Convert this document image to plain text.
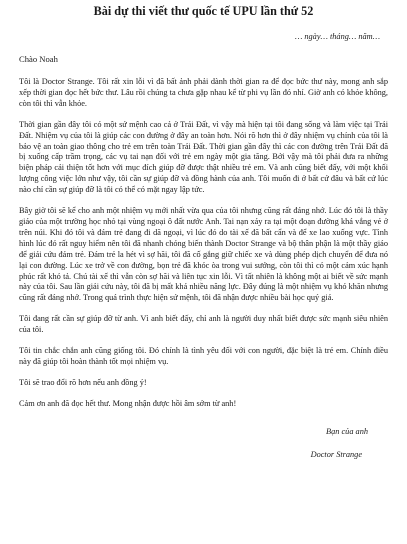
Bài dự thi viết thư quốc tế UPU lần thứ 52

… ngày… tháng… năm…

Chào Noah

Tôi là Doctor Strange. Tôi rất xin lỗi vì đã bất ảnh phải dành thời gian ra để đọc bức thư này, mong anh sắp xếp thời gian đọc hết bức thư. Lâu rồi chúng ta chưa gặp nhau kể từ phi vụ lần đó nhỉ. Giờ anh có khỏe không, còn tôi thì vẫn khỏe.

Thời gian gần đây tôi có một sứ mệnh cao cả ở Trái Đất, vì vậy mà hiện tại tôi đang sống và làm việc tại Trái Đất. Nhiệm vụ của tôi là giúp các con đường ở đây an toàn hơn. Nói rõ hơn thì ở đây nhiệm vụ chính của tôi là bảo vệ an toàn giao thông cho trẻ em trên toàn Trái Đất. Thời gian gần đây thì các con đường trên Trái Đất đã bị xuống cấp trầm trọng, các vụ tai nạn đối với trẻ em ngày một gia tăng. Bởi vậy mà tôi phải đưa ra những biện pháp cải thiện tốt hơn với mục đích giúp đỡ được thật nhiều trẻ em. Và anh cũng biết đấy, với một khối lượng công việc lớn như vậy, tôi cần sự giúp đỡ và đồng hành của anh. Tôi muốn đi ở bất cứ đâu và bất cứ lúc nào chỉ cần sự giúp đỡ là tôi có thể có mặt ngay lập tức.

Bây giờ tôi sẽ kể cho anh một nhiệm vụ mới nhất vừa qua của tôi nhưng cũng rất đáng nhớ. Lúc đó tôi là thầy giáo của một trường học nhỏ tại vùng ngoại ô đất nước Anh. Tai nạn xảy ra tại một đoạn đường khá vắng vẻ ở trên núi. Khi đó tôi và đám trẻ đang đi dã ngoại, vì lúc đó do tài xế đã bất cẩn và để xe lao xuống vực. Tình hình lúc đó rất nguy hiểm nên tôi đã nhanh chóng biến thành Doctor Strange và bộ thân phận là một thầy giáo để giải cứu đám trẻ. Đám trẻ la hét vì sợ hãi, tôi đã cố gắng giữ chiếc xe và dùng phép dịch chuyển để đưa nó lại con đường. Lúc xe trở về con đường, bọn trẻ đã khóc òa trong vui sướng, còn tôi thì có một cảm xúc hạnh phúc rất khó tả. Chú tài xế thì vẫn còn sợ hãi và liên tục xin lỗi. Vì tất nhiên là không một ai biết về sức mạnh này của tôi. Sau lần giải cứu này, tôi đã bị mất khá nhiều năng lực. Đây đúng là một nhiệm vụ khó khăn nhưng cũng rất đáng nhớ. Trong quá trình thực hiện sứ mệnh, tôi đã nhận được nhiều bài học quý giá.

Tôi đang rất cần sự giúp đỡ từ anh. Vì anh biết đấy, chỉ anh là người duy nhất biết được sức mạnh siêu nhiên của tôi.

Tôi tin chắc chắn anh cũng giống tôi. Đó chính là tình yêu đối với con người, đặc biệt là trẻ em. Chính điều này đã giúp tôi hoàn thành tốt mọi nhiệm vụ.

Tôi sẽ trao đổi rõ hơn nếu anh đồng ý!

Cảm ơn anh đã đọc hết thư. Mong nhận được hồi âm sớm từ anh!

Bạn của anh

Doctor Strange
